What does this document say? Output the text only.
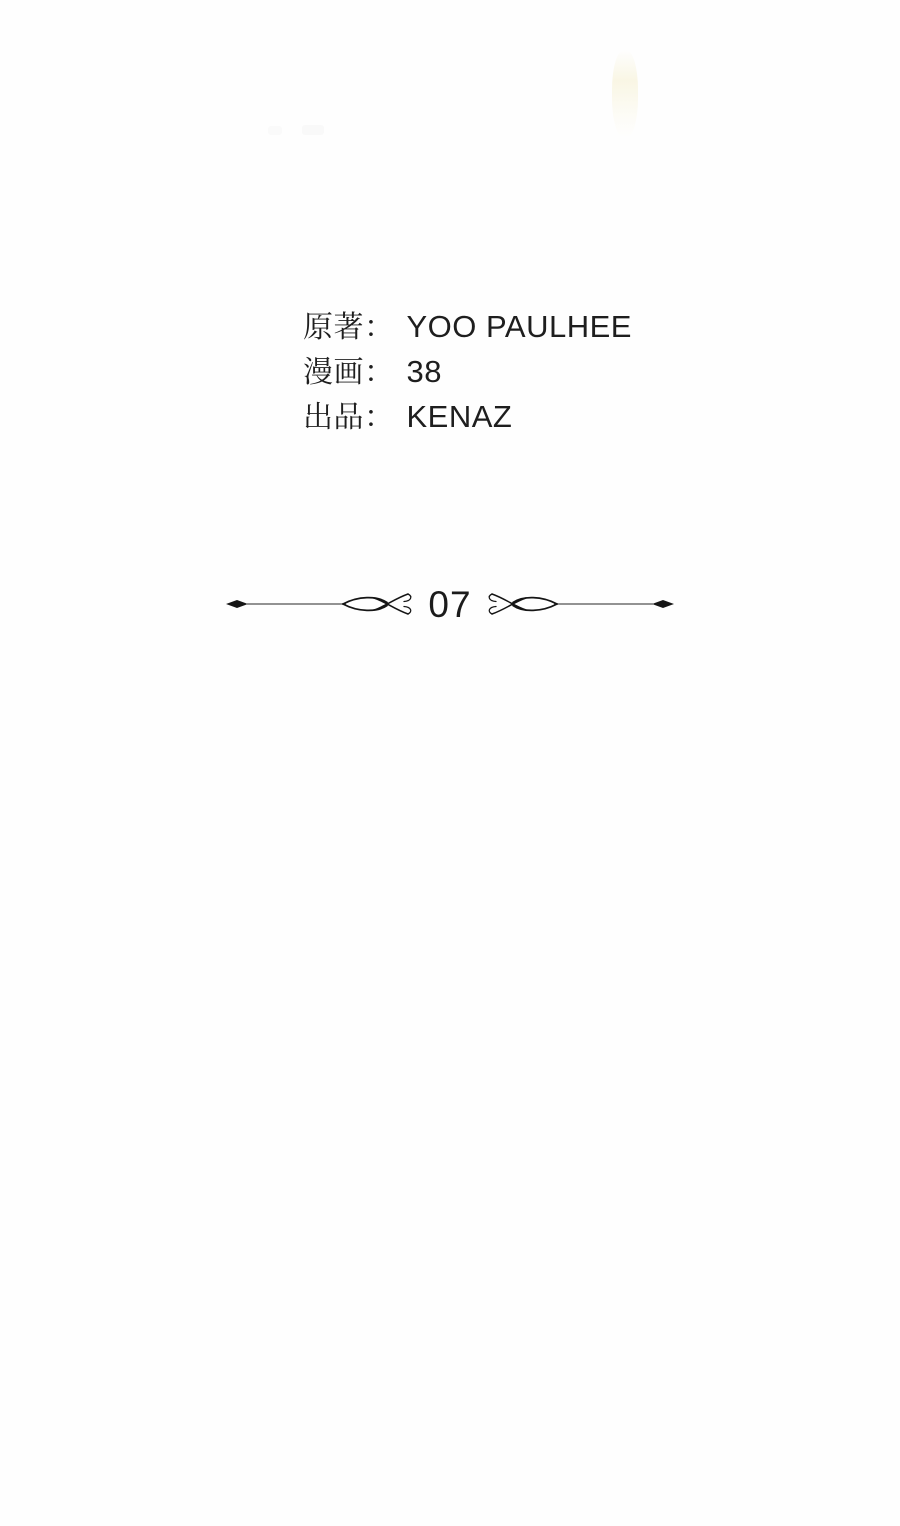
原著 ： YOO PAULHEE
漫画 ： 38
出品 ： KENAZ
07
